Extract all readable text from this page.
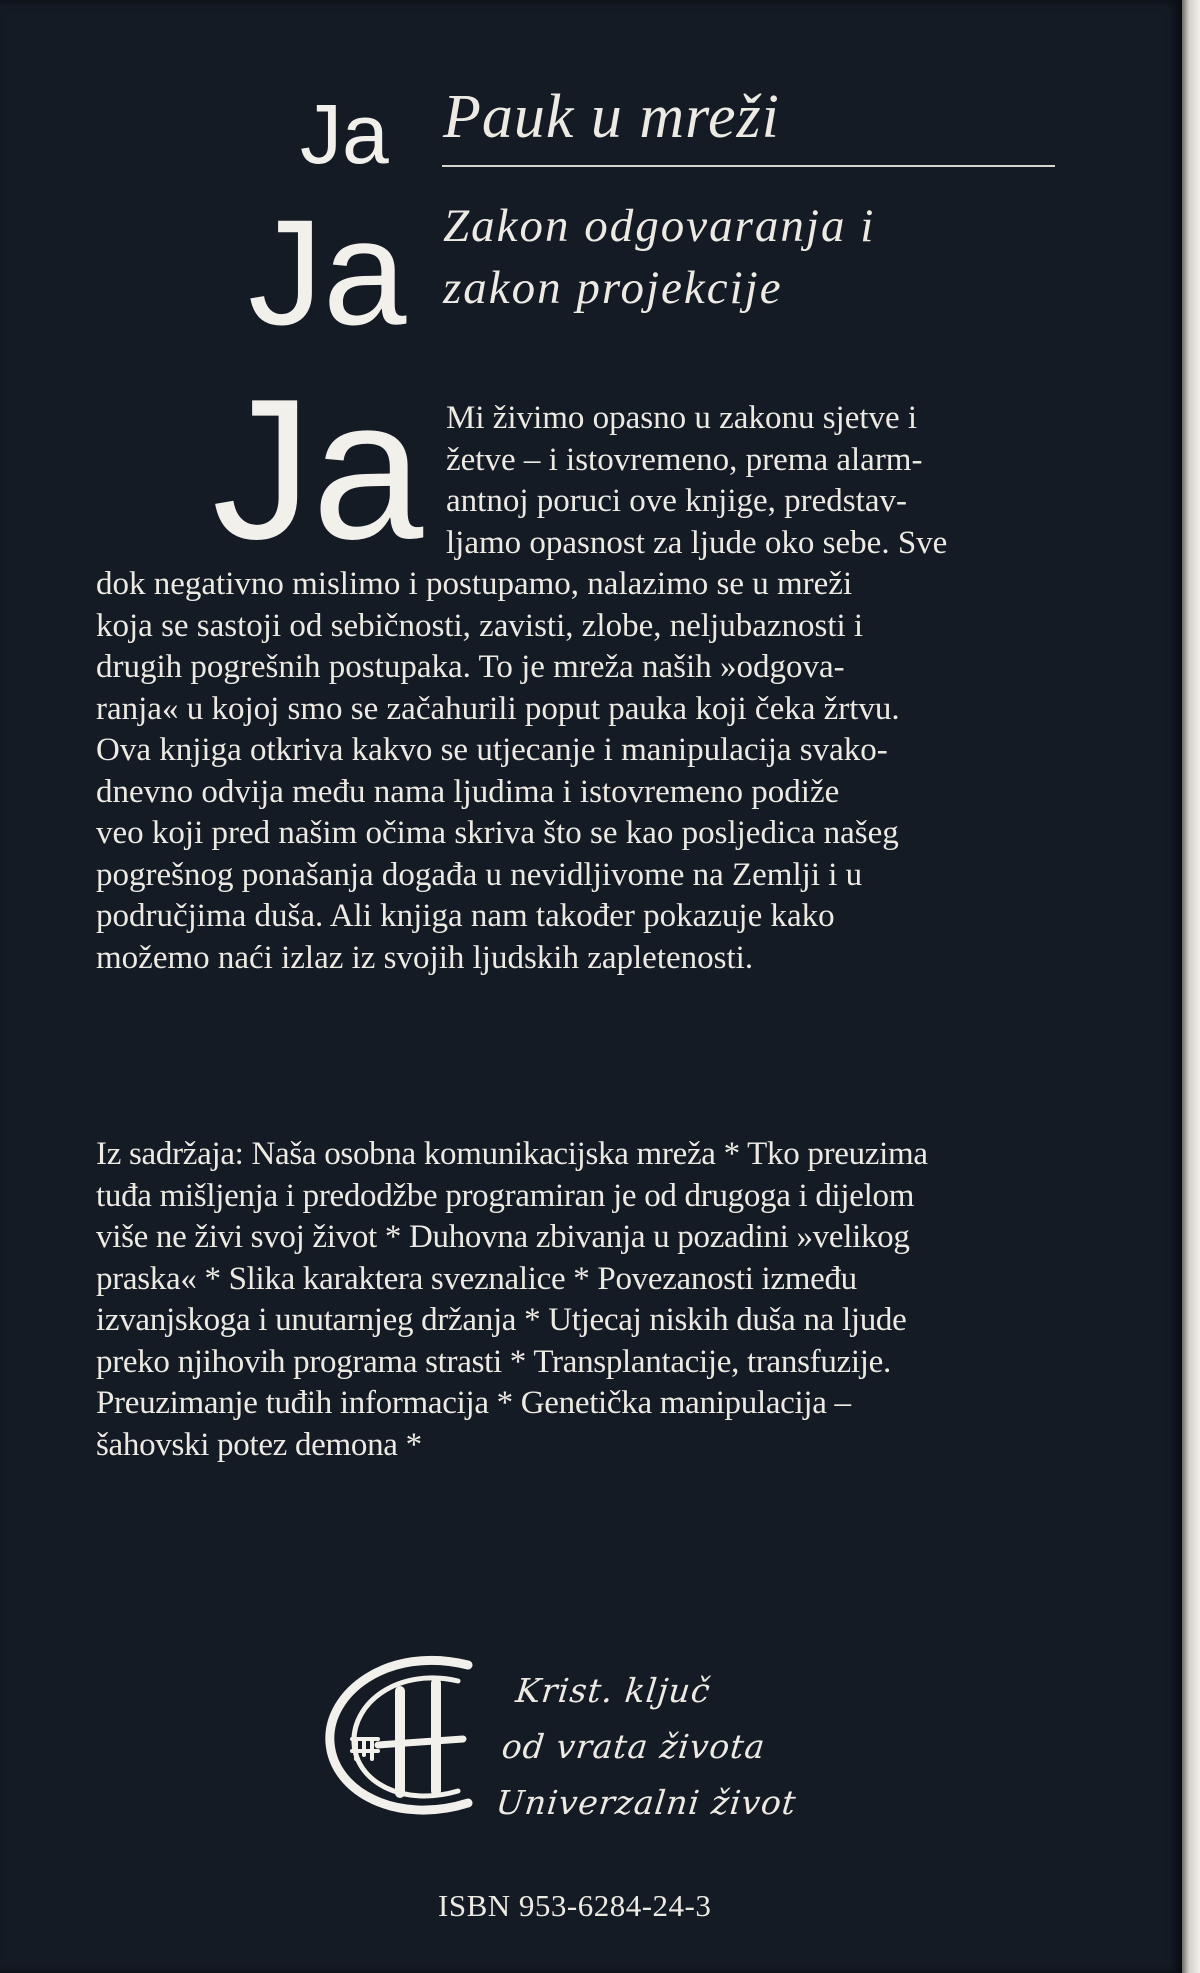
Ja
Ja
Ja
Pauk u mreži
Zakon odgovaranja i
zakon projekcije
Mi živimo opasno u zakonu sjetve i
žetve – i istovremeno, prema alarm-
antnoj poruci ove knjige, predstav-
ljamo opasnost za ljude oko sebe. Sve
dok negativno mislimo i postupamo, nalazimo se u mreži
koja se sastoji od sebičnosti, zavisti, zlobe, neljubaznosti i
drugih pogrešnih postupaka. To je mreža naših »odgova-
ranja« u kojoj smo se začahurili poput pauka koji čeka žrtvu.
Ova knjiga otkriva kakvo se utjecanje i manipulacija svako-
dnevno odvija među nama ljudima i istovremeno podiže
veo koji pred našim očima skriva što se kao posljedica našeg
pogrešnog ponašanja događa u nevidljivome na Zemlji i u
područjima duša. Ali knjiga nam također pokazuje kako
možemo naći izlaz iz svojih ljudskih zapletenosti.
Iz sadržaja: Naša osobna komunikacijska mreža * Tko preuzima
tuđa mišljenja i predodžbe programiran je od drugoga i dijelom
više ne živi svoj život * Duhovna zbivanja u pozadini »velikog
praska« * Slika karaktera sveznalice * Povezanosti između
izvanjskoga i unutarnjeg držanja * Utjecaj niskih duša na ljude
preko njihovih programa strasti * Transplantacije, transfuzije.
Preuzimanje tuđih informacija * Genetička manipulacija –
šahovski potez demona *
Krist. ključ
od vrata života
Univerzalni život
ISBN 953-6284-24-3
